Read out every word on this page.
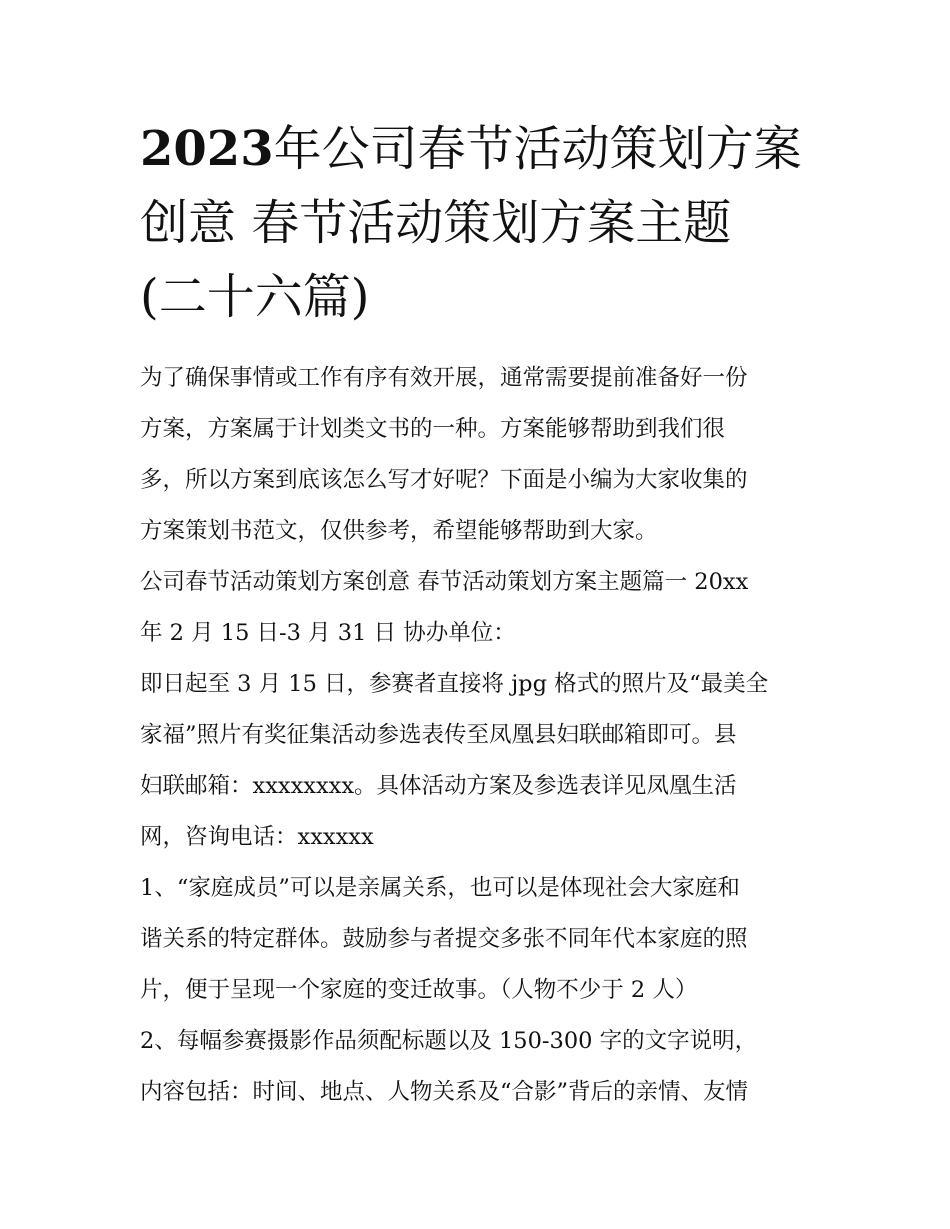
2023年公司春节活动策划方案
创意 春节活动策划方案主题
(二十六篇)
为了确保事情或工作有序有效开展，通常需要提前准备好一份
方案，方案属于计划类文书的一种。方案能够帮助到我们很
多，所以方案到底该怎么写才好呢？下面是小编为大家收集的
方案策划书范文，仅供参考，希望能够帮助到大家。
公司春节活动策划方案创意 春节活动策划方案主题篇一 20xx
年 2 月 15 日-3 月 31 日 协办单位：
即日起至 3 月 15 日，参赛者直接将 jpg 格式的照片及“最美全
家福”照片有奖征集活动参选表传至凤凰县妇联邮箱即可。县
妇联邮箱：xxxxxxxx。具体活动方案及参选表详见凤凰生活
网，咨询电话：xxxxxx
1、“家庭成员”可以是亲属关系，也可以是体现社会大家庭和
谐关系的特定群体。鼓励参与者提交多张不同年代本家庭的照
片，便于呈现一个家庭的变迁故事。（人物不少于 2 人）
2、每幅参赛摄影作品须配标题以及 150-300 字的文字说明，
内容包括：时间、地点、人物关系及“合影”背后的亲情、友情
